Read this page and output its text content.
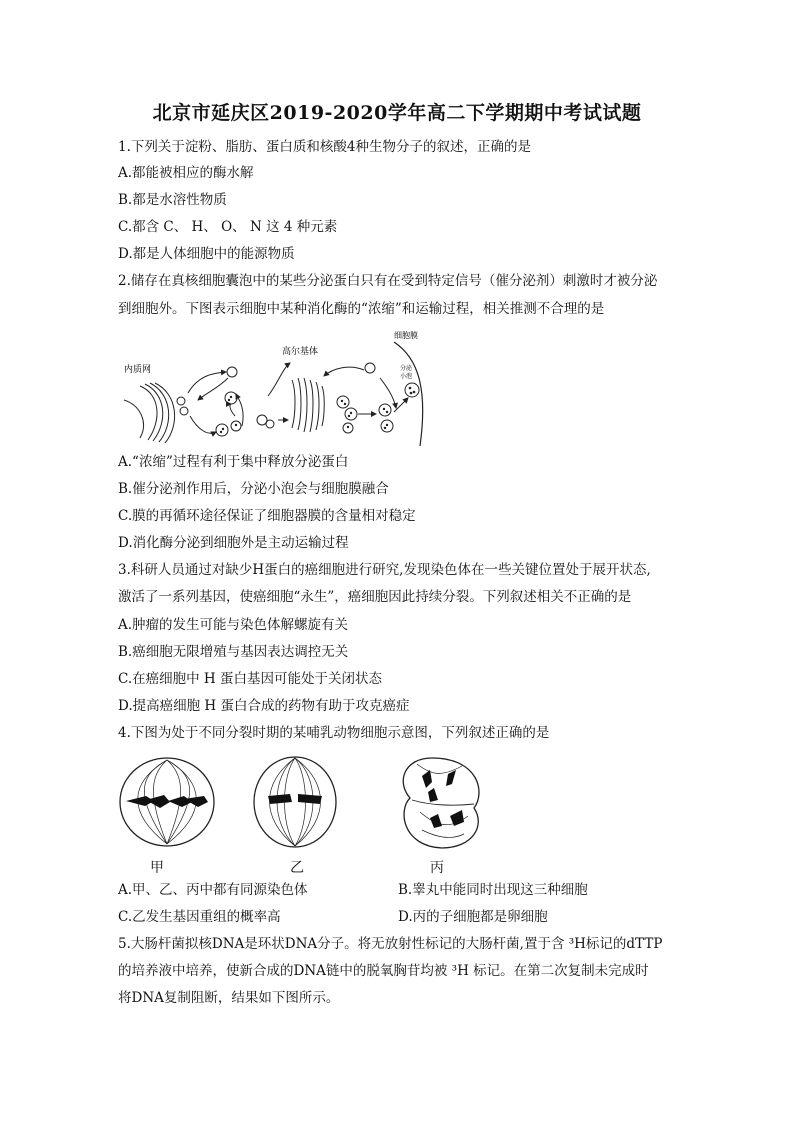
北京市延庆区2019-2020学年高二下学期期中考试试题
1.下列关于淀粉、脂肪、蛋白质和核酸4种生物分子的叙述，正确的是
A.都能被相应的酶水解
B.都是水溶性物质
C.都含 C、 H、 O、 N 这 4 种元素
D.都是人体细胞中的能源物质
2.储存在真核细胞囊泡中的某些分泌蛋白只有在受到特定信号（催分泌剂）刺激时才被分泌
到细胞外。下图表示细胞中某种消化酶的“浓缩”和运输过程，相关推测不合理的是
内质网
高尔基体
细胞膜
分泌
小泡
A.“浓缩”过程有利于集中释放分泌蛋白
B.催分泌剂作用后，分泌小泡会与细胞膜融合
C.膜的再循环途径保证了细胞器膜的含量相对稳定
D.消化酶分泌到细胞外是主动运输过程
3.科研人员通过对缺少H蛋白的癌细胞进行研究,发现染色体在一些关键位置处于展开状态,
激活了一系列基因，使癌细胞“永生”，癌细胞因此持续分裂。下列叙述相关不正确的是
A.肿瘤的发生可能与染色体解螺旋有关
B.癌细胞无限增殖与基因表达调控无关
C.在癌细胞中 H 蛋白基因可能处于关闭状态
D.提高癌细胞 H 蛋白合成的药物有助于攻克癌症
4.下图为处于不同分裂时期的某哺乳动物细胞示意图，下列叙述正确的是
甲	乙	丙
A.甲、乙、丙中都有同源染色体	B.睾丸中能同时出现这三种细胞
C.乙发生基因重组的概率高	D.丙的子细胞都是卵细胞
5.大肠杆菌拟核DNA是环状DNA分子。将无放射性标记的大肠杆菌,置于含 ³H标记的dTTP
的培养液中培养，使新合成的DNA链中的脱氧胸苷均被 ³H 标记。在第二次复制未完成时
将DNA复制阻断，结果如下图所示。
